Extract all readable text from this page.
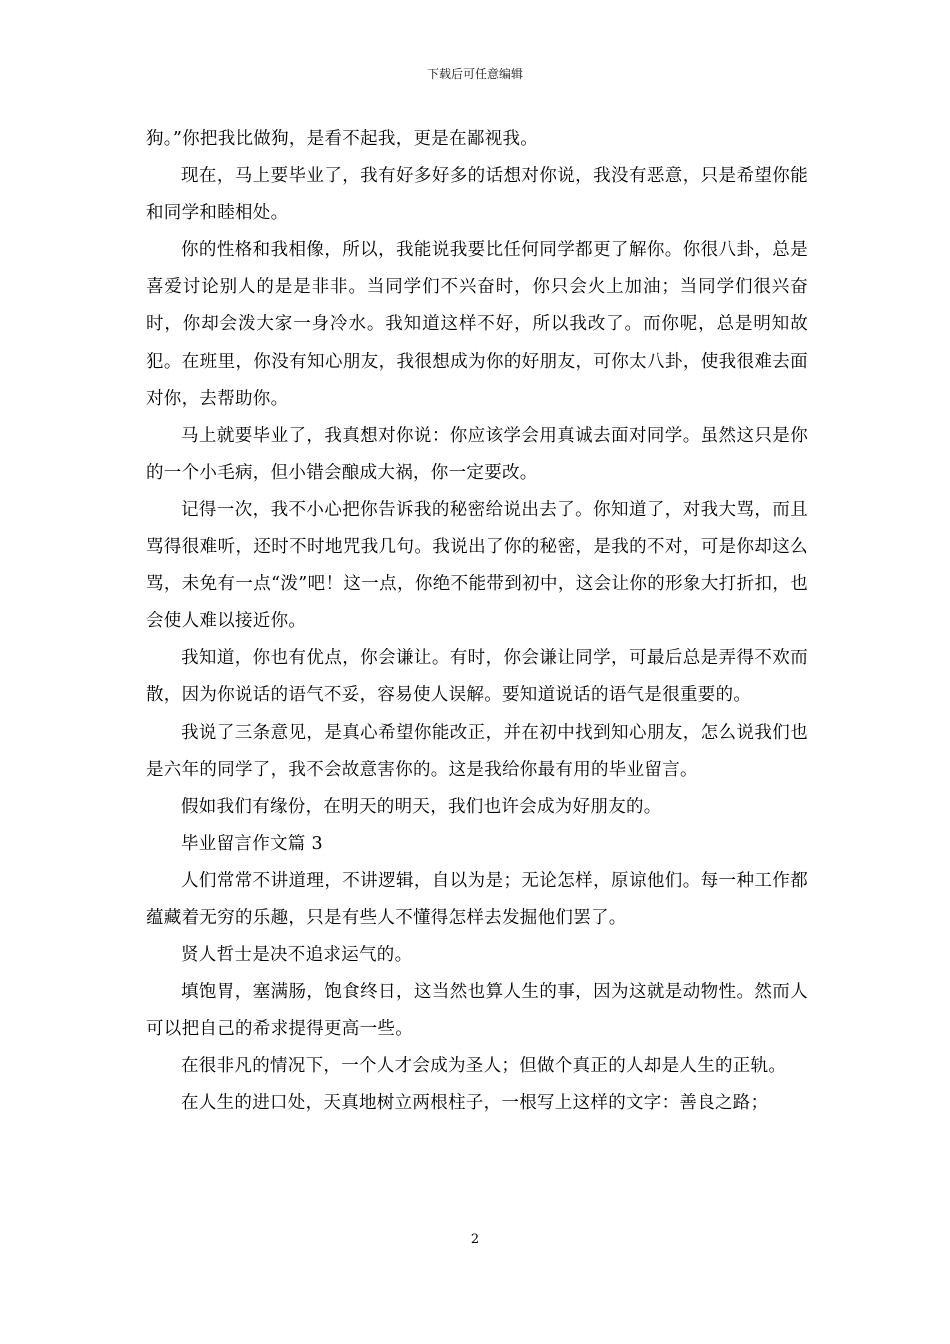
下载后可任意编辑

狗。”你把我比做狗，是看不起我，更是在鄙视我。

现在，马上要毕业了，我有好多好多的话想对你说，我没有恶意，只是希望你能和同学和睦相处。

你的性格和我相像，所以，我能说我要比任何同学都更了解你。你很八卦，总是喜爱讨论别人的是是非非。当同学们不兴奋时，你只会火上加油；当同学们很兴奋时，你却会泼大家一身冷水。我知道这样不好，所以我改了。而你呢，总是明知故犯。在班里，你没有知心朋友，我很想成为你的好朋友，可你太八卦，使我很难去面对你，去帮助你。

马上就要毕业了，我真想对你说：你应该学会用真诚去面对同学。虽然这只是你的一个小毛病，但小错会酿成大祸，你一定要改。

记得一次，我不小心把你告诉我的秘密给说出去了。你知道了，对我大骂，而且骂得很难听，还时不时地咒我几句。我说出了你的秘密，是我的不对，可是你却这么骂，未免有一点“泼”吧！这一点，你绝不能带到初中，这会让你的形象大打折扣，也会使人难以接近你。

我知道，你也有优点，你会谦让。有时，你会谦让同学，可最后总是弄得不欢而散，因为你说话的语气不妥，容易使人误解。要知道说话的语气是很重要的。

我说了三条意见，是真心希望你能改正，并在初中找到知心朋友，怎么说我们也是六年的同学了，我不会故意害你的。这是我给你最有用的毕业留言。

假如我们有缘份，在明天的明天，我们也许会成为好朋友的。

毕业留言作文篇 3

人们常常不讲道理，不讲逻辑，自以为是；无论怎样，原谅他们。每一种工作都蕴藏着无穷的乐趣，只是有些人不懂得怎样去发掘他们罢了。

贤人哲士是决不追求运气的。

填饱胃，塞满肠，饱食终日，这当然也算人生的事，因为这就是动物性。然而人可以把自己的希求提得更高一些。

在很非凡的情况下，一个人才会成为圣人；但做个真正的人却是人生的正轨。

在人生的进口处，天真地树立两根柱子，一根写上这样的文字：善良之路；

2
